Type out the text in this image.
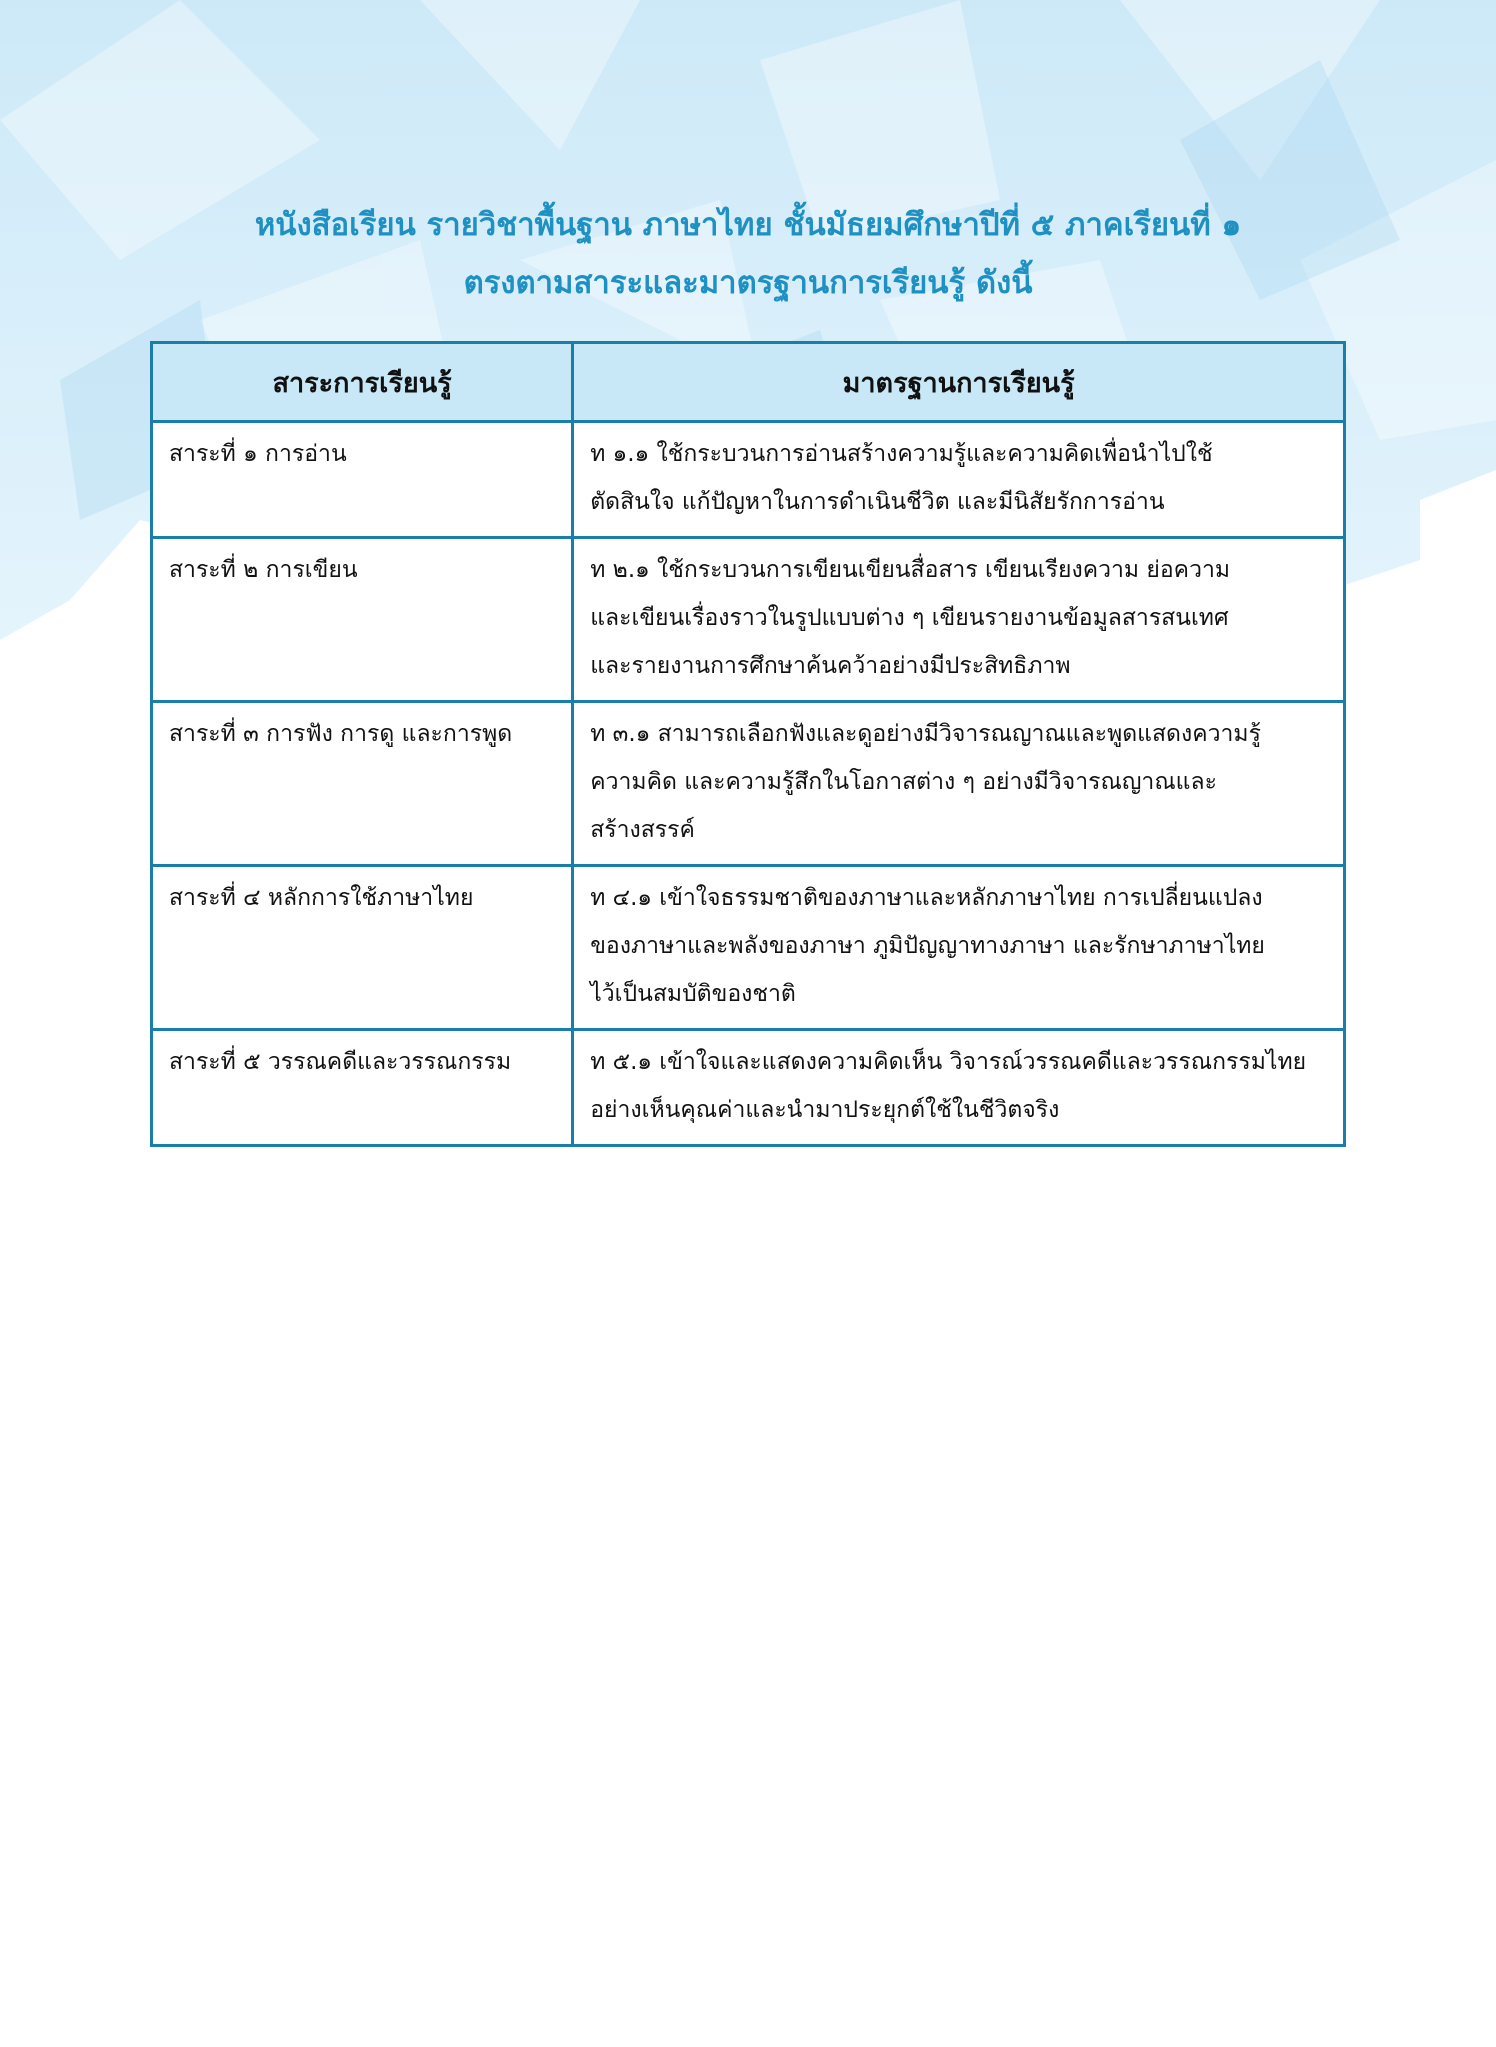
หนังสือเรียน รายวิชาพื้นฐาน ภาษาไทย ชั้นมัธยมศึกษาปีที่ ๕ ภาคเรียนที่ ๑
ตรงตามสาระและมาตรฐานการเรียนรู้ ดังนี้
สาระการเรียนรู้	มาตรฐานการเรียนรู้
สาระที่ ๑ การอ่าน	ท ๑.๑ ใช้กระบวนการอ่านสร้างความรู้และความคิดเพื่อนำไปใช้
ตัดสินใจ แก้ปัญหาในการดำเนินชีวิต และมีนิสัยรักการอ่าน

สาระที่ ๒ การเขียน	ท ๒.๑ ใช้กระบวนการเขียนเขียนสื่อสาร เขียนเรียงความ ย่อความ
และเขียนเรื่องราวในรูปแบบต่าง ๆ เขียนรายงานข้อมูลสารสนเทศ
และรายงานการศึกษาค้นคว้าอย่างมีประสิทธิภาพ

สาระที่ ๓ การฟัง การดู และการพูด	ท ๓.๑ สามารถเลือกฟังและดูอย่างมีวิจารณญาณและพูดแสดงความรู้
ความคิด และความรู้สึกในโอกาสต่าง ๆ อย่างมีวิจารณญาณและ
สร้างสรรค์

สาระที่ ๔ หลักการใช้ภาษาไทย	ท ๔.๑ เข้าใจธรรมชาติของภาษาและหลักภาษาไทย การเปลี่ยนแปลง
ของภาษาและพลังของภาษา ภูมิปัญญาทางภาษา และรักษาภาษาไทย
ไว้เป็นสมบัติของชาติ

สาระที่ ๕ วรรณคดีและวรรณกรรม	ท ๕.๑ เข้าใจและแสดงความคิดเห็น วิจารณ์วรรณคดีและวรรณกรรมไทย
อย่างเห็นคุณค่าและนำมาประยุกต์ใช้ในชีวิตจริง
